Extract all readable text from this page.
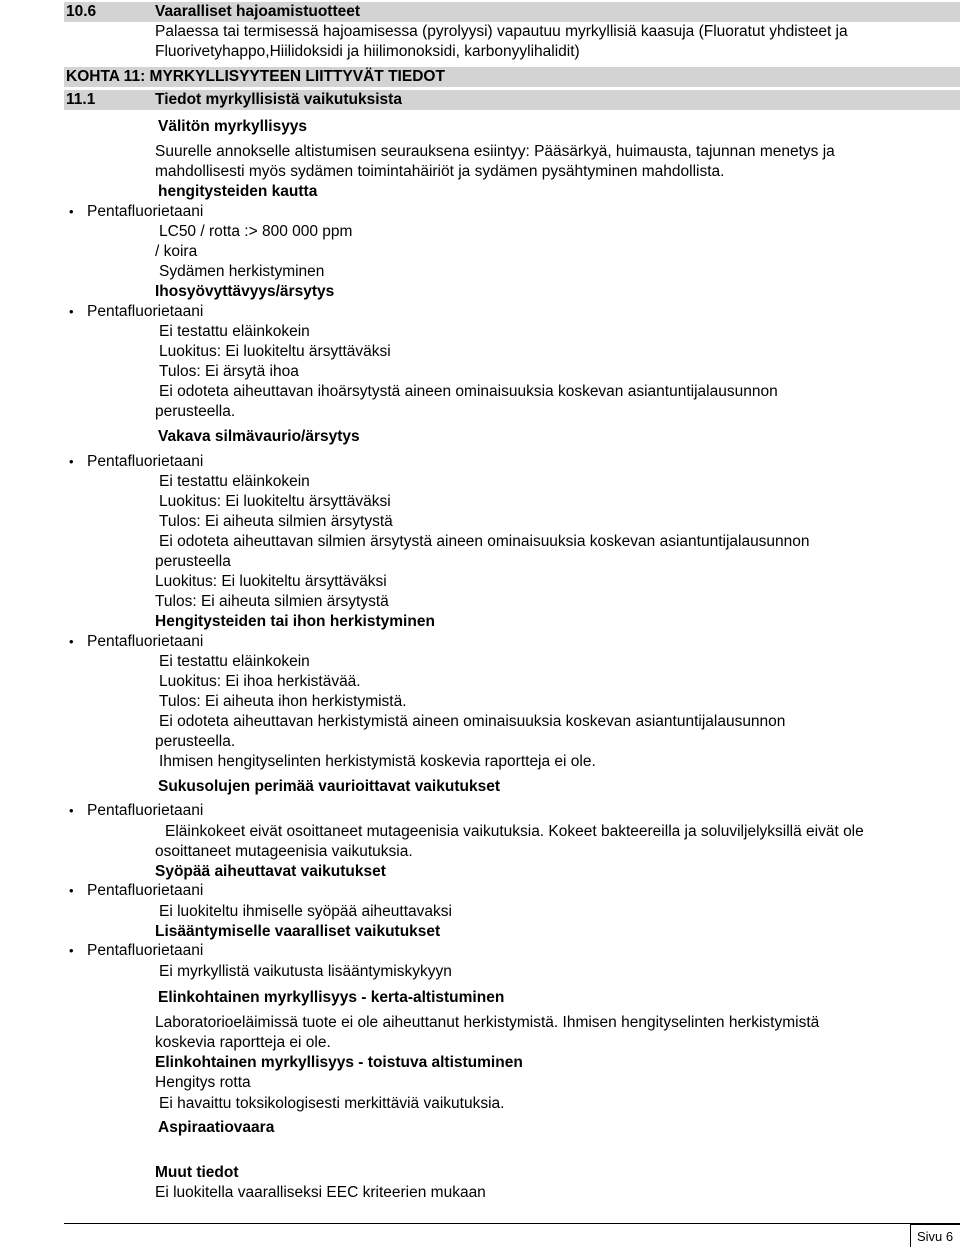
10.6	Vaaralliset hajoamistuotteet
Palaessa tai termisessä hajoamisessa (pyrolyysi) vapautuu myrkyllisiä kaasuja (Fluoratut yhdisteet ja
Fluorivetyhappo,Hiilidoksidi ja hiilimonoksidi, karbonyylihalidit)
KOHTA 11: MYRKYLLISYYTEEN LIITTYVÄT TIEDOT
11.1	Tiedot myrkyllisistä vaikutuksista
Välitön myrkyllisyys
Suurelle annokselle altistumisen seurauksena esiintyy: Pääsärkyä, huimausta, tajunnan menetys ja
mahdollisesti myös sydämen toimintahäiriöt ja sydämen pysähtyminen mahdollista.
hengitysteiden kautta
• Pentafluorietaani
LC50 / rotta :> 800 000 ppm
/ koira
Sydämen herkistyminen
Ihosyövyttävyys/ärsytys
• Pentafluorietaani
Ei testattu eläinkokein
Luokitus: Ei luokiteltu ärsyttäväksi
Tulos: Ei ärsytä ihoa
Ei odoteta aiheuttavan ihoärsytystä aineen ominaisuuksia koskevan asiantuntijalausunnon
perusteella.
Vakava silmävaurio/ärsytys
• Pentafluorietaani
Ei testattu eläinkokein
Luokitus: Ei luokiteltu ärsyttäväksi
Tulos: Ei aiheuta silmien ärsytystä
Ei odoteta aiheuttavan silmien ärsytystä aineen ominaisuuksia koskevan asiantuntijalausunnon
perusteella
Luokitus: Ei luokiteltu ärsyttäväksi
Tulos: Ei aiheuta silmien ärsytystä
Hengitysteiden tai ihon herkistyminen
• Pentafluorietaani
Ei testattu eläinkokein
Luokitus: Ei ihoa herkistävää.
Tulos: Ei aiheuta ihon herkistymistä.
Ei odoteta aiheuttavan herkistymistä aineen ominaisuuksia koskevan asiantuntijalausunnon
perusteella.
Ihmisen hengityselinten herkistymistä koskevia raportteja ei ole.
Sukusolujen perimää vaurioittavat vaikutukset
• Pentafluorietaani
Eläinkokeet eivät osoittaneet mutageenisia vaikutuksia. Kokeet bakteereilla ja soluviljelyksillä eivät ole
osoittaneet mutageenisia vaikutuksia.
Syöpää aiheuttavat vaikutukset
• Pentafluorietaani
Ei luokiteltu ihmiselle syöpää aiheuttavaksi
Lisääntymiselle vaaralliset vaikutukset
• Pentafluorietaani
Ei myrkyllistä vaikutusta lisääntymiskykyyn
Elinkohtainen myrkyllisyys - kerta-altistuminen
Laboratorioeläimissä tuote ei ole aiheuttanut herkistymistä. Ihmisen hengityselinten herkistymistä
koskevia raportteja ei ole.
Elinkohtainen myrkyllisyys - toistuva altistuminen
Hengitys rotta
Ei havaittu toksikologisesti merkittäviä vaikutuksia.
Aspiraatiovaara
Muut tiedot
Ei luokitella vaaralliseksi EEC kriteerien mukaan
Sivu 6
